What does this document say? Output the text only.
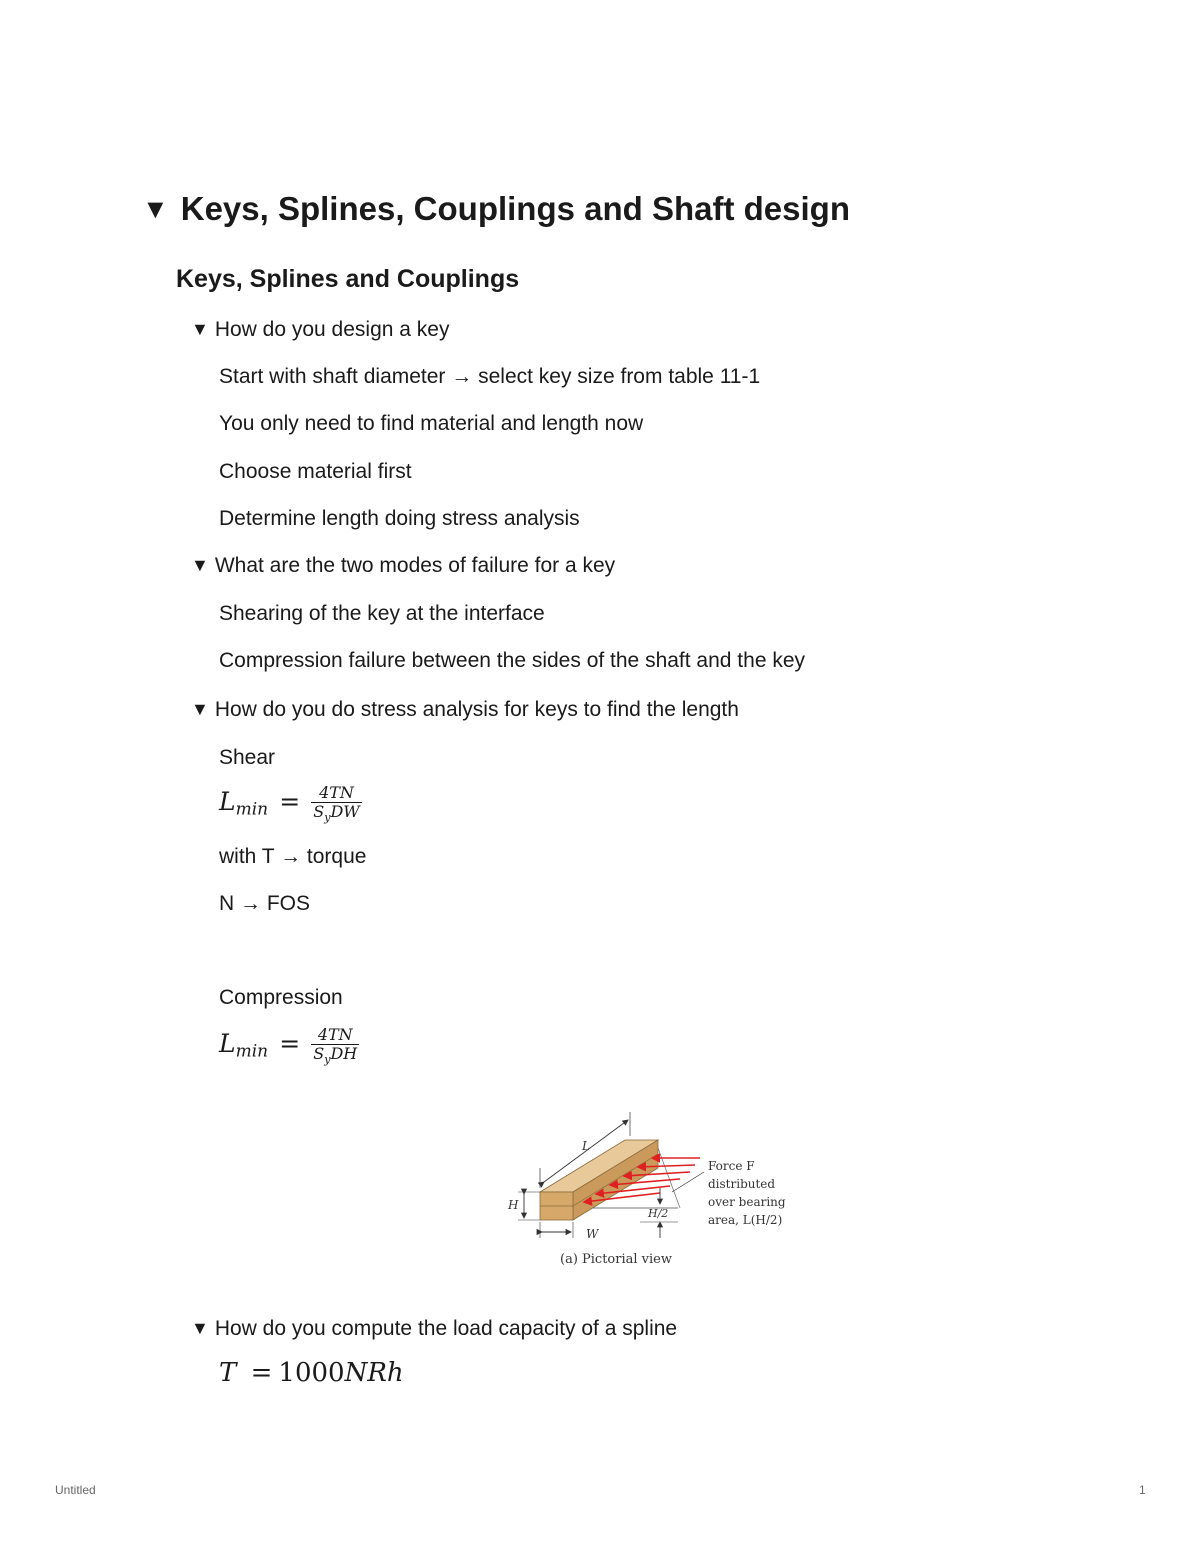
▼ Keys, Splines, Couplings and Shaft design
Keys, Splines and Couplings
▼ How do you design a key
Start with shaft diameter → select key size from table 11-1
You only need to find material and length now
Choose material first
Determine length doing stress analysis
▼ What are the two modes of failure for a key
Shearing of the key at the interface
Compression failure between the sides of the shaft and the key
▼ How do you do stress analysis for keys to find the length
Shear
$L_{min} = \frac{4TN}{S_yDW}$
with T → torque
N → FOS
Compression
$L_{min} = \frac{4TN}{S_yDH}$
L
H
W
H/2
Force F distributed over bearing area, L(H/2)
(a) Pictorial view
▼ How do you compute the load capacity of a spline
T = 1000NRh
Untitled	1
